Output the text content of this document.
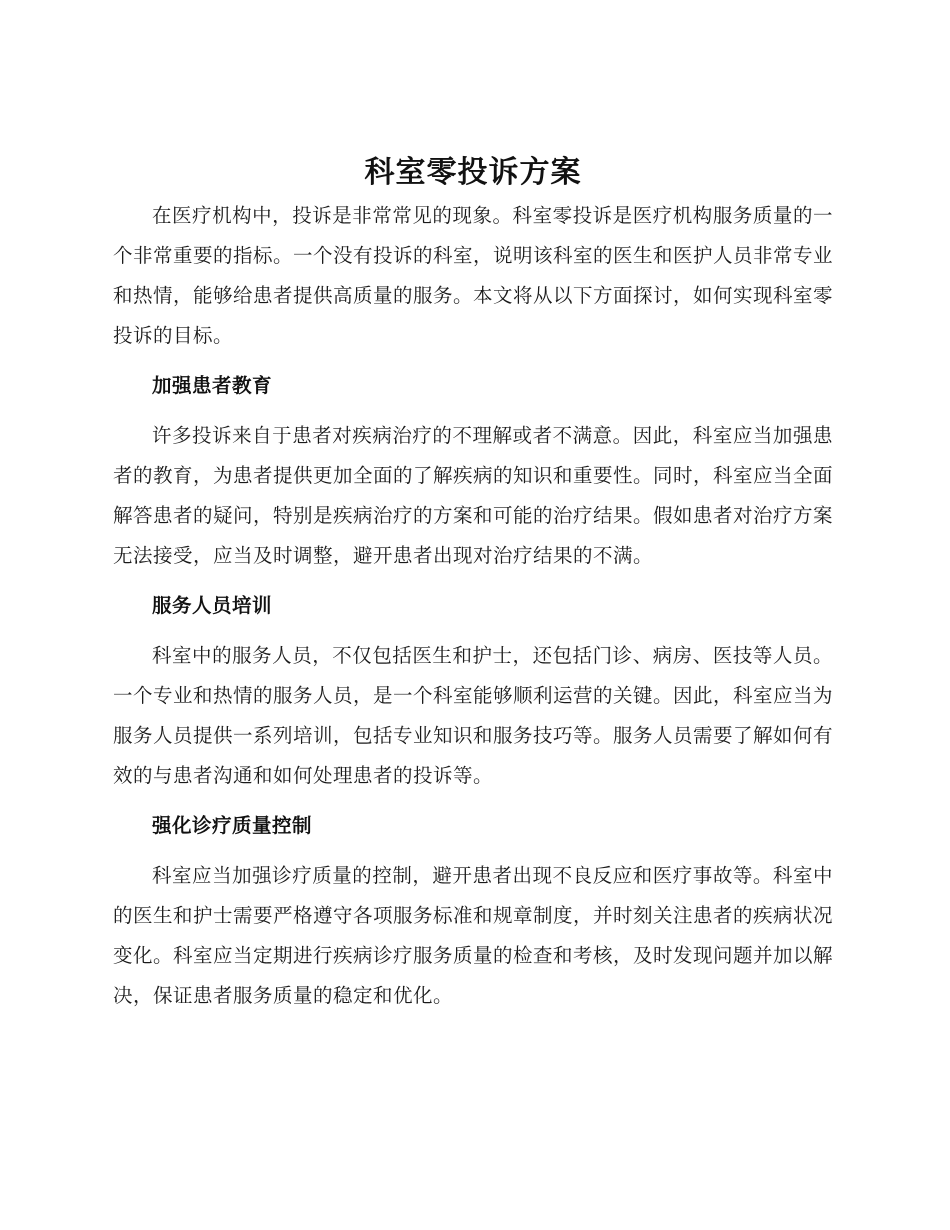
科室零投诉方案

在医疗机构中，投诉是非常常见的现象。科室零投诉是医疗机构服务质量的一个非常重要的指标。一个没有投诉的科室，说明该科室的医生和医护人员非常专业和热情，能够给患者提供高质量的服务。本文将从以下方面探讨，如何实现科室零投诉的目标。

加强患者教育

许多投诉来自于患者对疾病治疗的不理解或者不满意。因此，科室应当加强患者的教育，为患者提供更加全面的了解疾病的知识和重要性。同时，科室应当全面解答患者的疑问，特别是疾病治疗的方案和可能的治疗结果。假如患者对治疗方案无法接受，应当及时调整，避开患者出现对治疗结果的不满。

服务人员培训

科室中的服务人员，不仅包括医生和护士，还包括门诊、病房、医技等人员。一个专业和热情的服务人员，是一个科室能够顺利运营的关键。因此，科室应当为服务人员提供一系列培训，包括专业知识和服务技巧等。服务人员需要了解如何有效的与患者沟通和如何处理患者的投诉等。

强化诊疗质量控制

科室应当加强诊疗质量的控制，避开患者出现不良反应和医疗事故等。科室中的医生和护士需要严格遵守各项服务标准和规章制度，并时刻关注患者的疾病状况变化。科室应当定期进行疾病诊疗服务质量的检查和考核，及时发现问题并加以解决，保证患者服务质量的稳定和优化。
